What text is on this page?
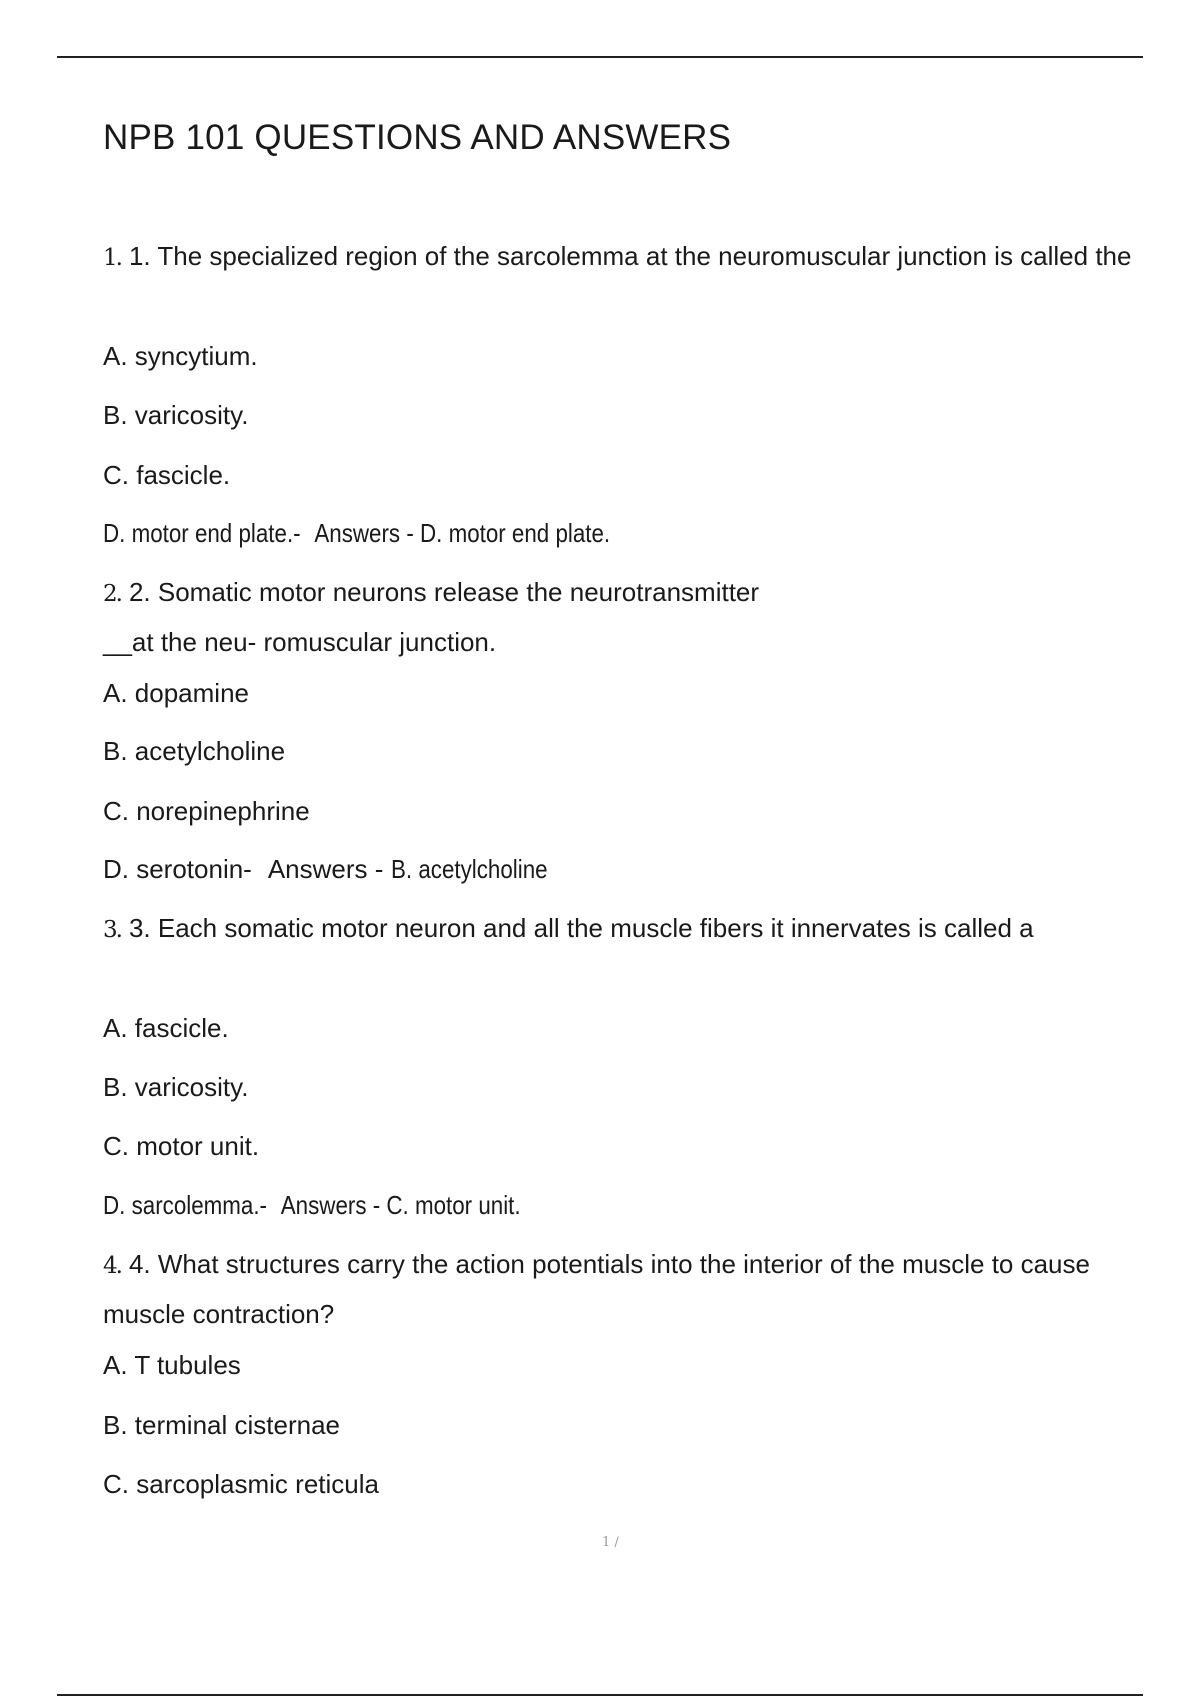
NPB 101 QUESTIONS AND ANSWERS

1. 1. The specialized region of the sarcolemma at the neuromuscular junction is called the

A. syncytium.

B. varicosity.

C. fascicle.

D. motor end plate.- Answers - D. motor end plate.

2. 2. Somatic motor neurons release the neurotransmitter

__at the neu- romuscular junction.

A. dopamine

B. acetylcholine

C. norepinephrine

D. serotonin- Answers - B. acetylcholine

3. 3. Each somatic motor neuron and all the muscle fibers it innervates is called a

A. fascicle.

B. varicosity.

C. motor unit.

D. sarcolemma.- Answers - C. motor unit.

4. 4. What structures carry the action potentials into the interior of the muscle to cause muscle contraction?

A. T tubules

B. terminal cisternae

C. sarcoplasmic reticula

1 /
